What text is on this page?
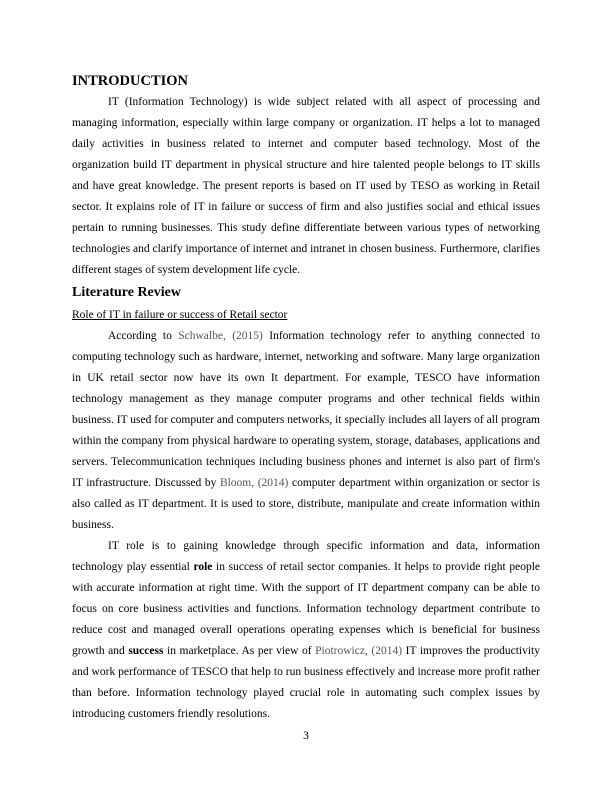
INTRODUCTION

IT (Information Technology) is wide subject related with all aspect of processing and managing information, especially within large company or organization. IT helps a lot to managed daily activities in business related to internet and computer based technology. Most of the organization build IT department in physical structure and hire talented people belongs to IT skills and have great knowledge. The present reports is based on IT used by TESO as working in Retail sector. It explains role of IT in failure or success of firm and also justifies social and ethical issues pertain to running businesses. This study define differentiate between various types of networking technologies and clarify importance of internet and intranet in chosen business. Furthermore, clarifies different stages of system development life cycle.

Literature Review
Role of IT in failure or success of Retail sector

According to Schwalbe, (2015) Information technology refer to anything connected to computing technology such as hardware, internet, networking and software. Many large organization in UK retail sector now have its own It department. For example, TESCO have information technology management as they manage computer programs and other technical fields within business. IT used for computer and computers networks, it specially includes all layers of all program within the company from physical hardware to operating system, storage, databases, applications and servers. Telecommunication techniques including business phones and internet is also part of firm's IT infrastructure. Discussed by Bloom, (2014) computer department within organization or sector is also called as IT department. It is used to store, distribute, manipulate and create information within business.

IT role is to gaining knowledge through specific information and data, information technology play essential role in success of retail sector companies. It helps to provide right people with accurate information at right time. With the support of IT department company can be able to focus on core business activities and functions. Information technology department contribute to reduce cost and managed overall operations operating expenses which is beneficial for business growth and success in marketplace. As per view of Piotrowicz, (2014) IT improves the productivity and work performance of TESCO that help to run business effectively and increase more profit rather than before. Information technology played crucial role in automating such complex issues by introducing customers friendly resolutions.

3
